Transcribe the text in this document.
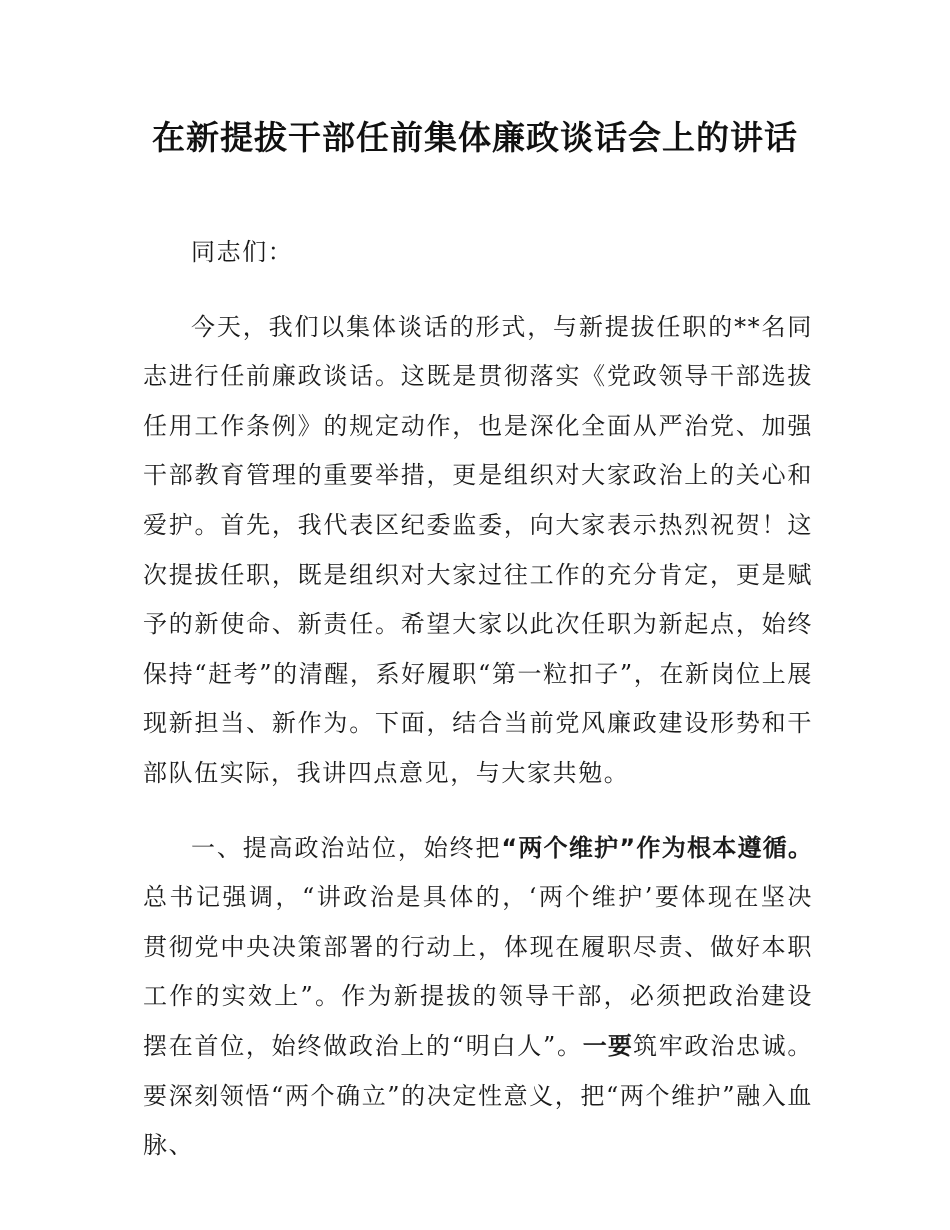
在新提拔干部任前集体廉政谈话会上的讲话

同志们：

今天，我们以集体谈话的形式，与新提拔任职的**名同志进行任前廉政谈话。这既是贯彻落实《党政领导干部选拔任用工作条例》的规定动作，也是深化全面从严治党、加强干部教育管理的重要举措，更是组织对大家政治上的关心和爱护。首先，我代表区纪委监委，向大家表示热烈祝贺！这次提拔任职，既是组织对大家过往工作的充分肯定，更是赋予的新使命、新责任。希望大家以此次任职为新起点，始终保持“赶考”的清醒，系好履职“第一粒扣子”，在新岗位上展现新担当、新作为。下面，结合当前党风廉政建设形势和干部队伍实际，我讲四点意见，与大家共勉。

一、提高政治站位，始终把“两个维护”作为根本遵循。总书记强调，“讲政治是具体的，‘两个维护’要体现在坚决贯彻党中央决策部署的行动上，体现在履职尽责、做好本职工作的实效上”。作为新提拔的领导干部，必须把政治建设摆在首位，始终做政治上的“明白人”。一要筑牢政治忠诚。要深刻领悟“两个确立”的决定性意义，把“两个维护”融入血脉、
